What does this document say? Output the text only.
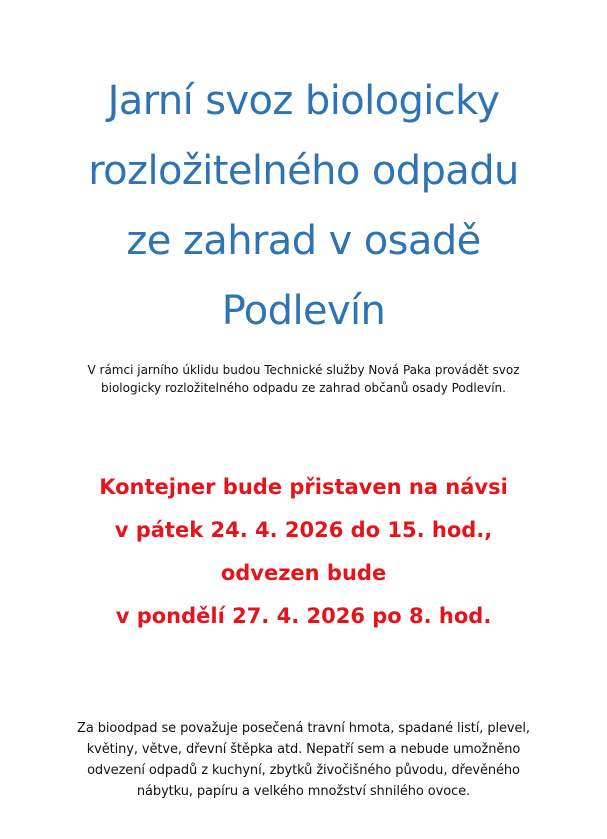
Jarní svoz biologicky
rozložitelného odpadu
ze zahrad v osadě
Podlevín

V rámci jarního úklidu budou Technické služby Nová Paka provádět svoz
biologicky rozložitelného odpadu ze zahrad občanů osady Podlevín.

Kontejner bude přistaven na návsi
v pátek 24. 4. 2026 do 15. hod.,
odvezen bude
v pondělí 27. 4. 2026 po 8. hod.

Za bioodpad se považuje posečená travní hmota, spadané listí, plevel,
květiny, větve, dřevní štěpka atd. Nepatří sem a nebude umožněno
odvezení odpadů z kuchyní, zbytků živočišného původu, dřevěného
nábytku, papíru a velkého množství shnilého ovoce.
